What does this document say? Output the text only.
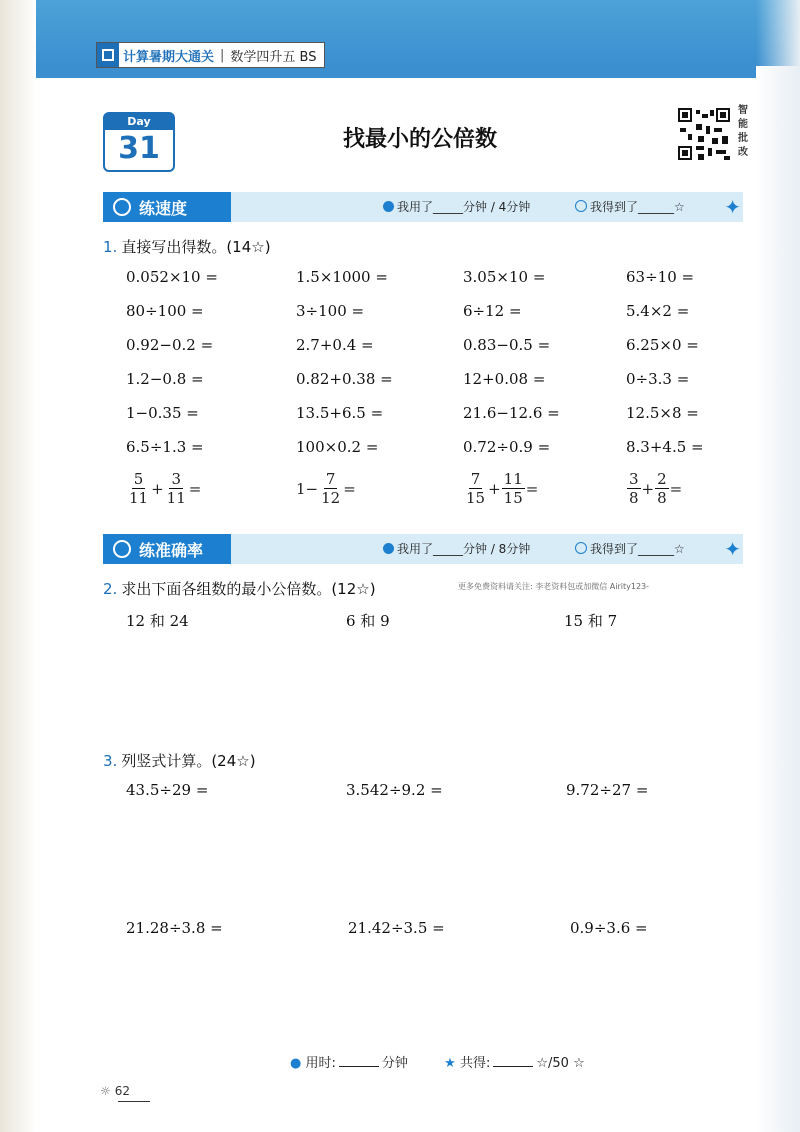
计算暑期大通关 | 数学四升五 BS
Day
31	找最小的公倍数
智能批改
练速度	我用了_____分钟 / 4分钟	我得到了______☆ ✦
1. 直接写出得数。(14☆)
0.052×10 =	1.5×1000 =	3.05×10 =	63÷10 =
80÷100 =	3÷100 =	6÷12 =	5.4×2 =
0.92−0.2 =	2.7+0.4 =	0.83−0.5 =	6.25×0 =
1.2−0.8 =	0.82+0.38 =	12+0.08 =	0÷3.3 =
1−0.35 =	13.5+6.5 =	21.6−12.6 =	12.5×8 =
6.5÷1.3 =	100×0.2 =	0.72÷0.9 =	8.3+4.5 =
$\frac{5}{11} + \frac{3}{11}$ =	$1- \frac{7}{12}$ =	$\frac{7}{15} + \frac{11}{15}$ =	$\frac{3}{8} + \frac{2}{8}$ =
练准确率	我用了_____分钟 / 8分钟	我得到了______☆ ✦
2. 求出下面各组数的最小公倍数。(12☆)	更多免费资料请关注: 李老资料包或加微信 Airity123-
12 和 24	6 和 9	15 和 7
3. 列竖式计算。(24☆)
43.5÷29 =	3.542÷9.2 =	9.72÷27 =
21.28÷3.8 =	21.42÷3.5 =	0.9÷3.6 =
● 用时:	分钟	★ 共得:	☆/50 ☆
☼ 62
